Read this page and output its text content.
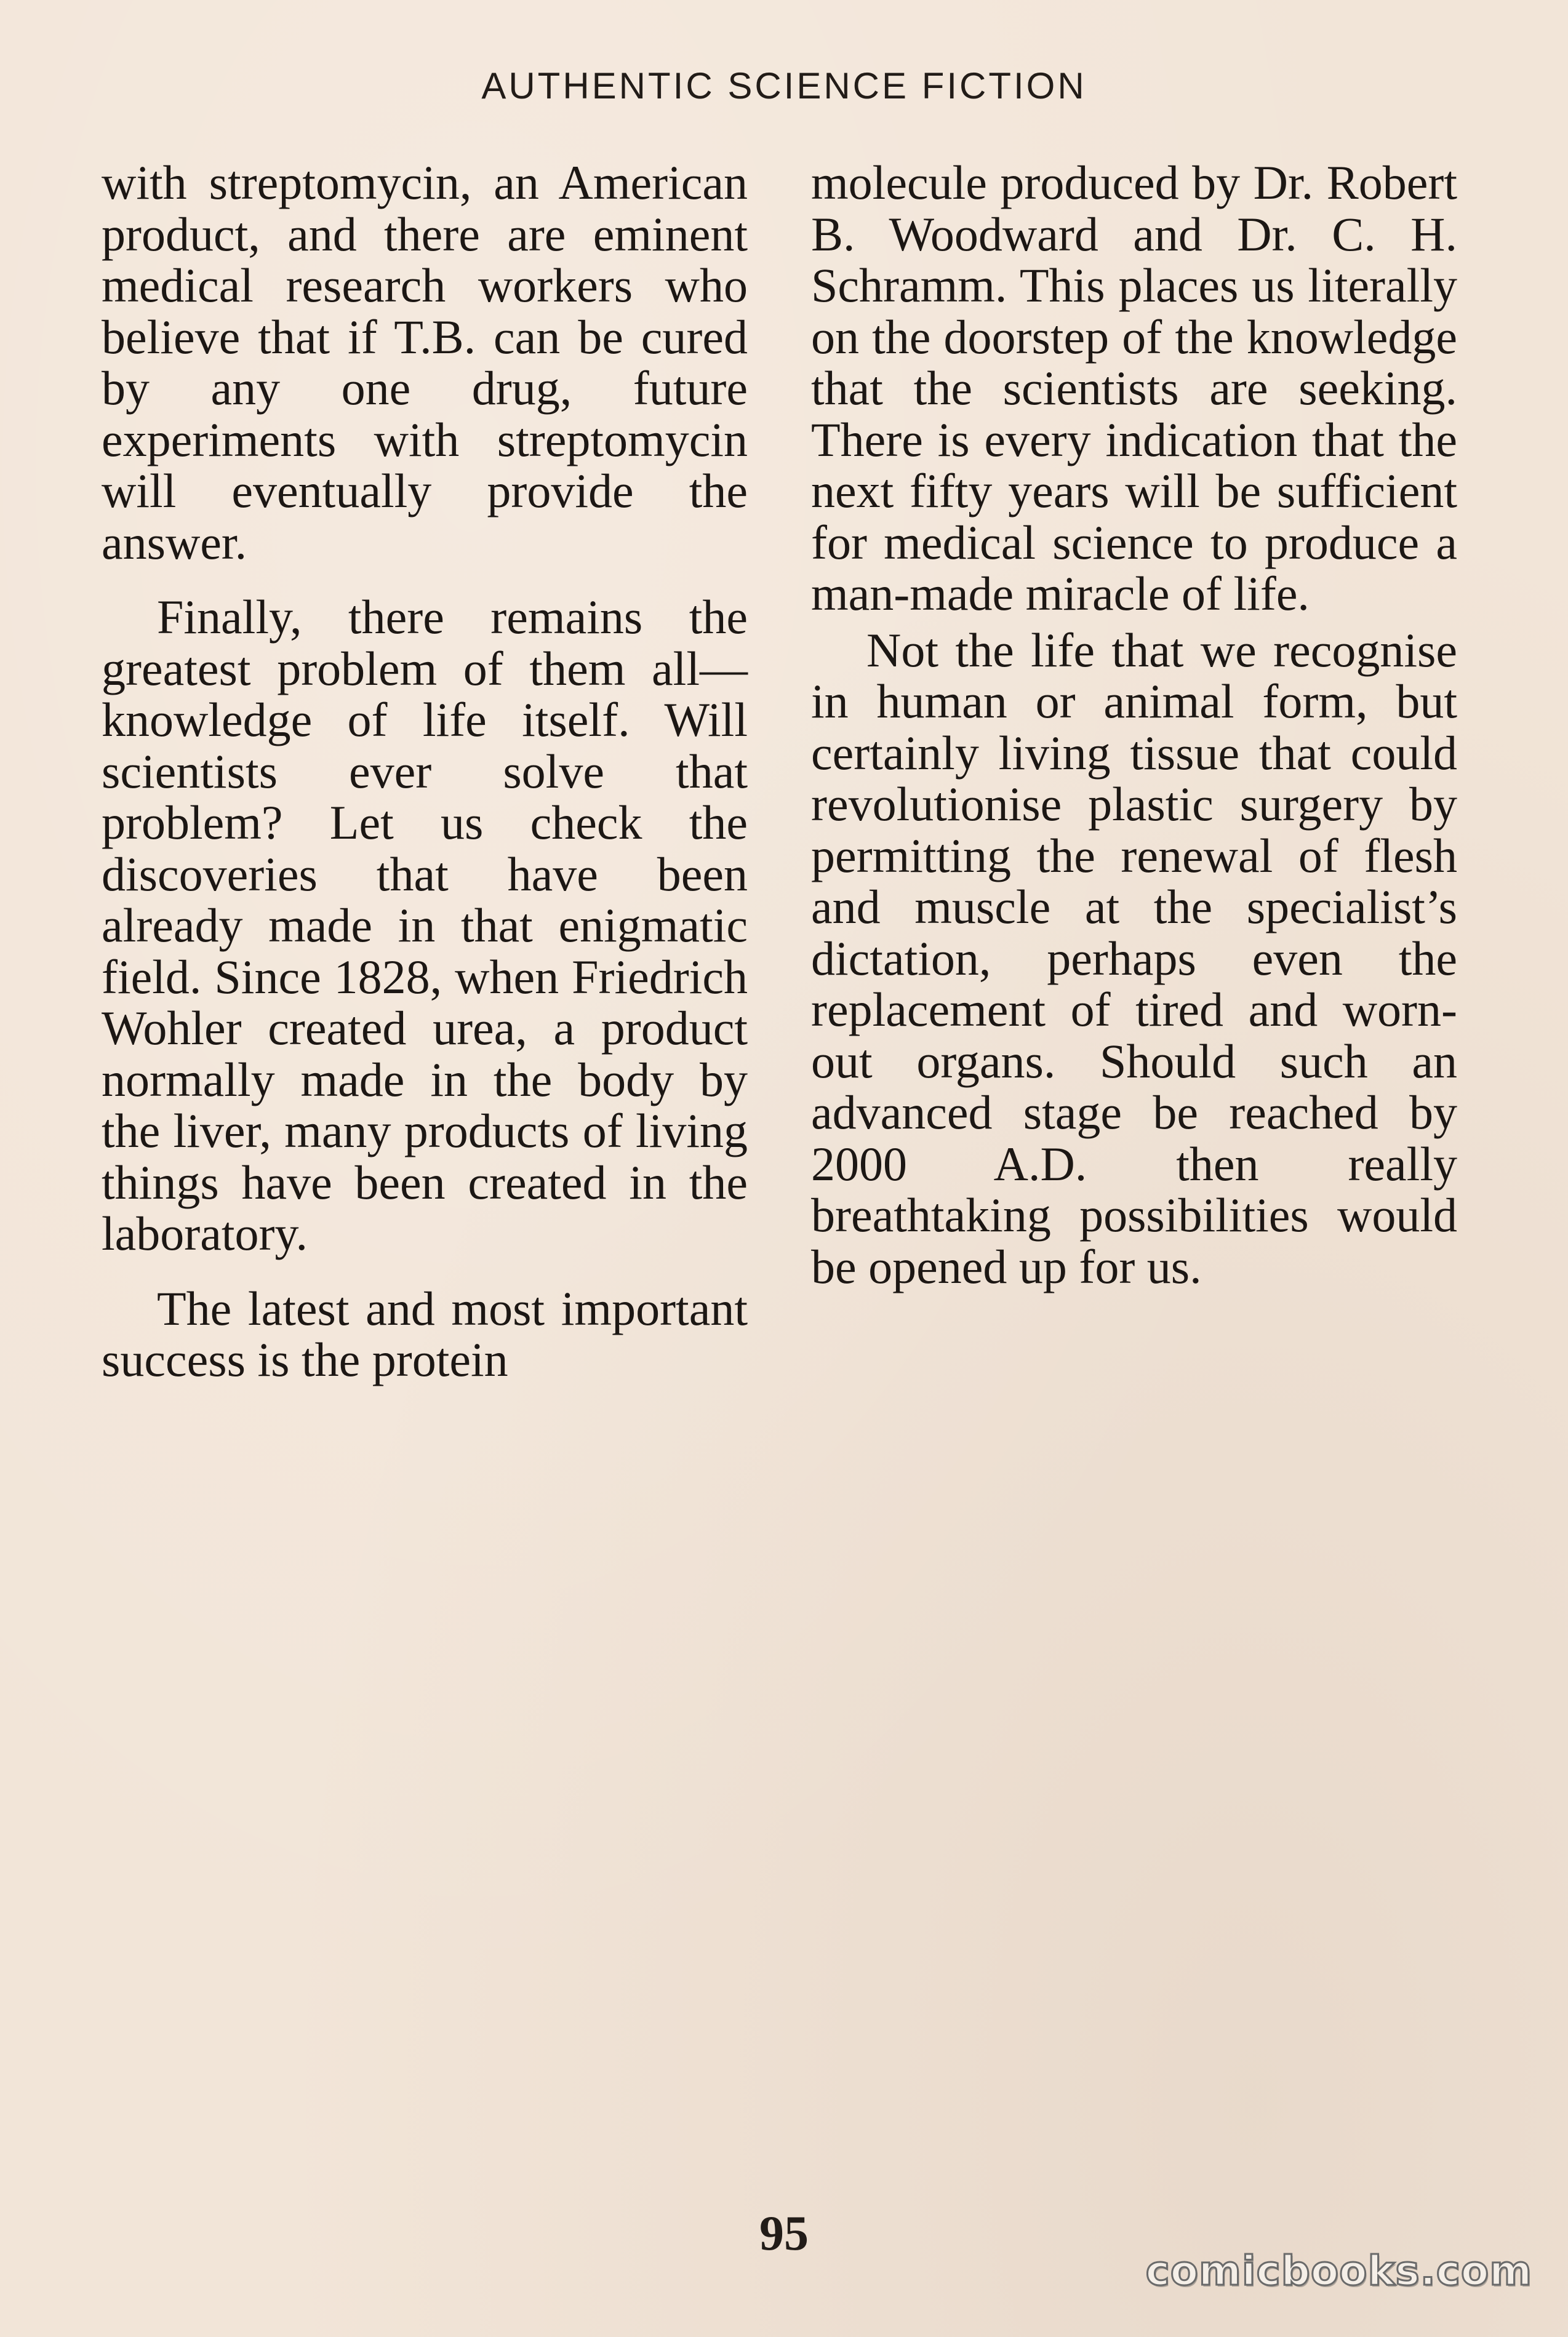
AUTHENTIC SCIENCE FICTION

with streptomycin, an American product, and there are eminent medical research workers who believe that if T.B. can be cured by any one drug, future experiments with streptomycin will eventually provide the answer.

Finally, there remains the greatest problem of them all—knowledge of life itself. Will scientists ever solve that problem? Let us check the discoveries that have been already made in that enigmatic field. Since 1828, when Friedrich Wohler created urea, a product normally made in the body by the liver, many products of living things have been created in the laboratory.

The latest and most important success is the protein

molecule produced by Dr. Robert B. Woodward and Dr. C. H. Schramm. This places us literally on the doorstep of the knowledge that the scientists are seeking. There is every indication that the next fifty years will be sufficient for medical science to produce a man-made miracle of life.

Not the life that we recognise in human or animal form, but certainly living tissue that could revolutionise plastic surgery by permitting the renewal of flesh and muscle at the specialist’s dictation, perhaps even the replacement of tired and worn-out organs. Should such an advanced stage be reached by 2000 A.D. then really breathtaking possibilities would be opened up for us.

95
comicbooks.com
